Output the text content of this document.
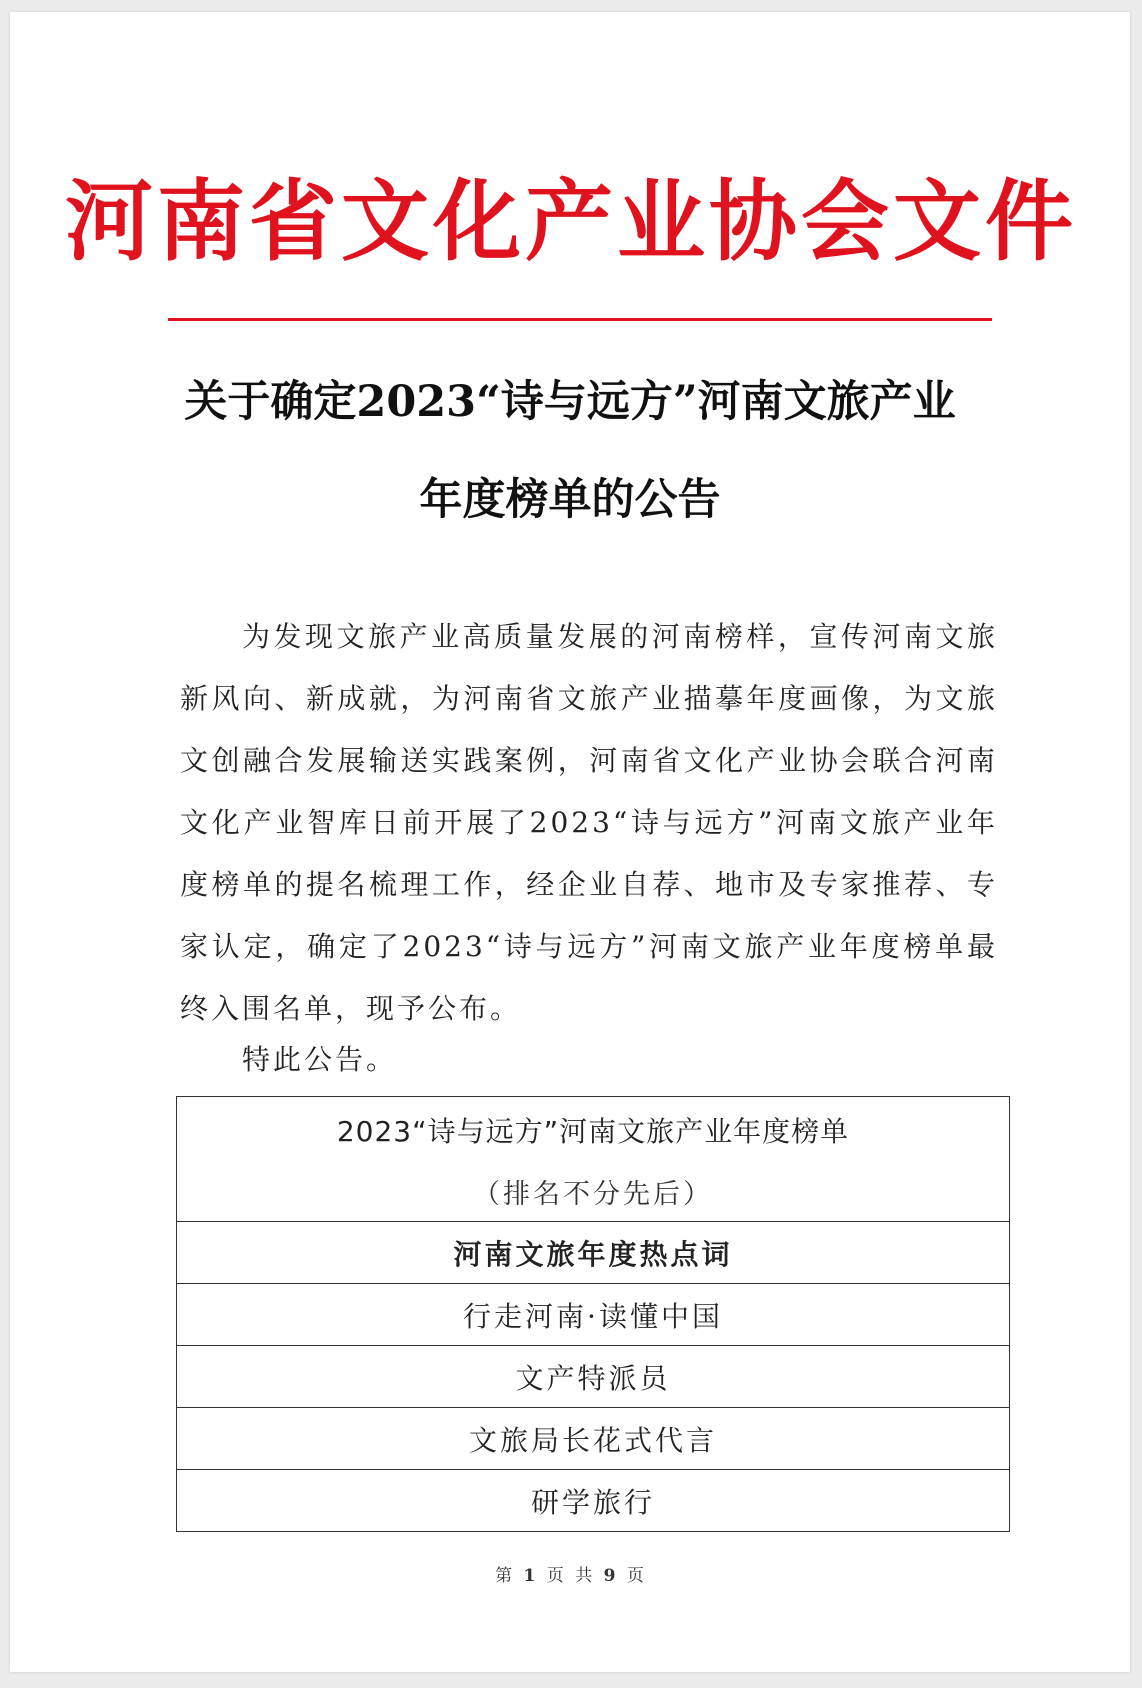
河南省文化产业协会文件
关于确定2023“诗与远方”河南文旅产业
年度榜单的公告
为发现文旅产业高质量发展的河南榜样，宣传河南文旅新风向、新成就，为河南省文旅产业描摹年度画像，为文旅文创融合发展输送实践案例，河南省文化产业协会联合河南文化产业智库日前开展了2023“诗与远方”河南文旅产业年度榜单的提名梳理工作，经企业自荐、地市及专家推荐、专家认定，确定了2023“诗与远方”河南文旅产业年度榜单最终入围名单，现予公布。
特此公告。
2023“诗与远方”河南文旅产业年度榜单
（排名不分先后）

河南文旅年度热点词
行走河南·读懂中国
文产特派员
文旅局长花式代言
研学旅行
第 1 页 共 9 页
